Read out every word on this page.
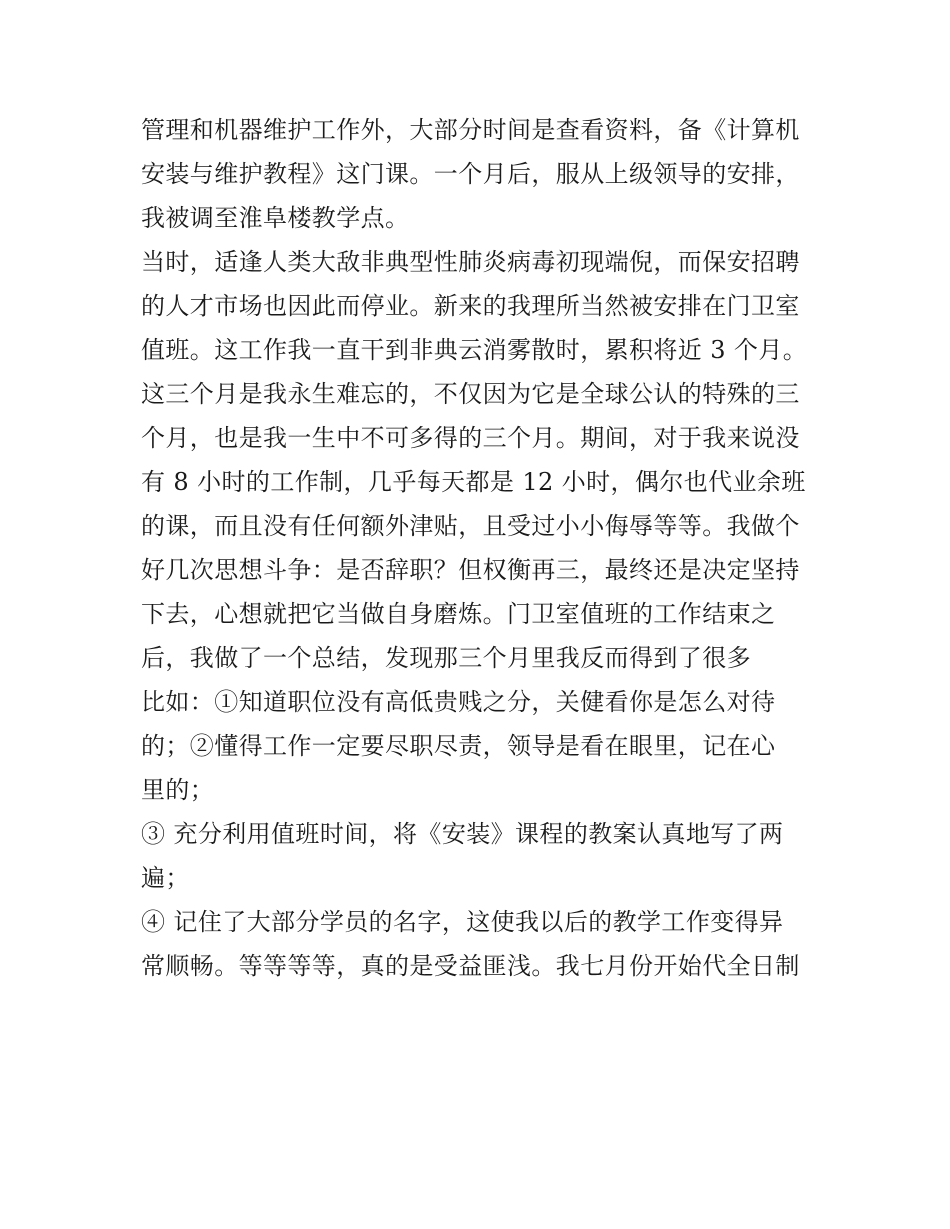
管理和机器维护工作外，大部分时间是查看资料，备《计算机
安装与维护教程》这门课。一个月后，服从上级领导的安排，
我被调至淮阜楼教学点。
当时，适逢人类大敌非典型性肺炎病毒初现端倪，而保安招聘
的人才市场也因此而停业。新来的我理所当然被安排在门卫室
值班。这工作我一直干到非典云消雾散时，累积将近 3 个月。
这三个月是我永生难忘的，不仅因为它是全球公认的特殊的三
个月，也是我一生中不可多得的三个月。期间，对于我来说没
有 8 小时的工作制，几乎每天都是 12 小时，偶尔也代业余班
的课，而且没有任何额外津贴，且受过小小侮辱等等。我做个
好几次思想斗争：是否辞职？但权衡再三，最终还是决定坚持
下去，心想就把它当做自身磨炼。门卫室值班的工作结束之
后，我做了一个总结，发现那三个月里我反而得到了很多
比如：①知道职位没有高低贵贱之分，关健看你是怎么对待
的；②懂得工作一定要尽职尽责，领导是看在眼里，记在心
里的；
③ 充分利用值班时间，将《安装》课程的教案认真地写了两
遍；
④ 记住了大部分学员的名字，这使我以后的教学工作变得异
常顺畅。等等等等，真的是受益匪浅。我七月份开始代全日制
